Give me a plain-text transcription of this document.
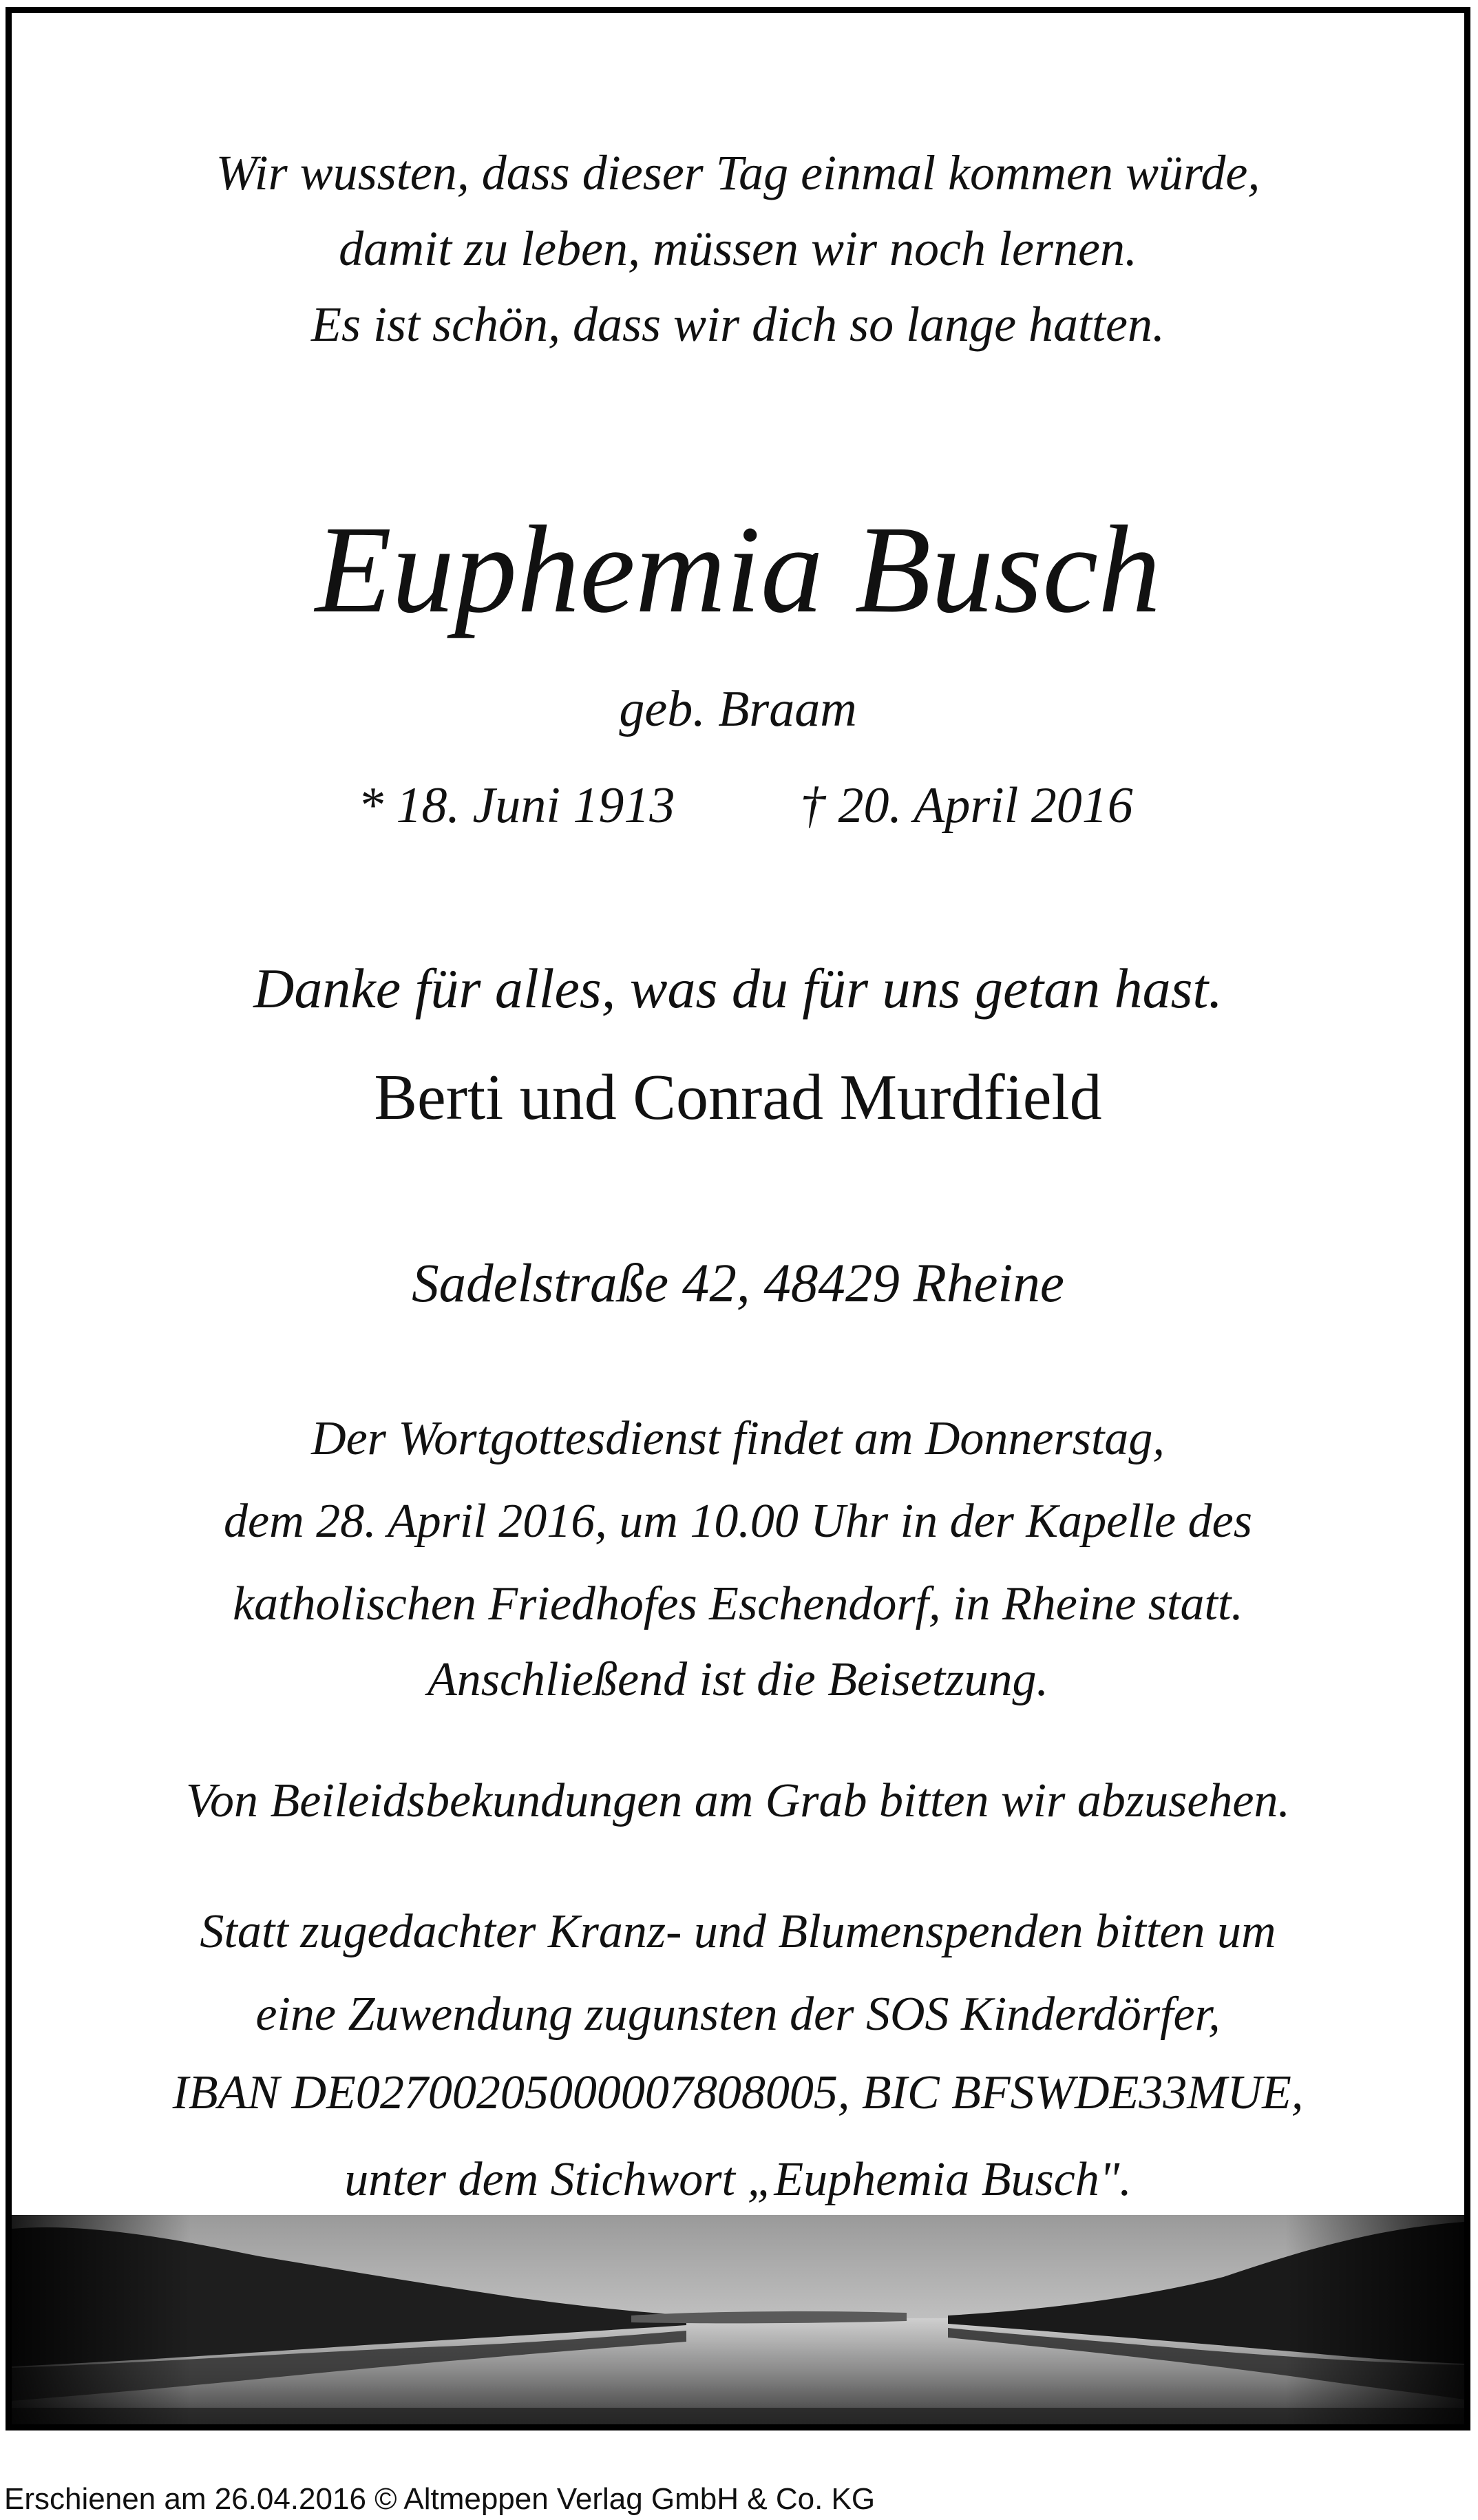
Wir wussten, dass dieser Tag einmal kommen würde,
damit zu leben, müssen wir noch lernen.
Es ist schön, dass wir dich so lange hatten.
Euphemia Busch
geb. Braam
* 18. Juni 1913 † 20. April 2016
Danke für alles, was du für uns getan hast.
Berti und Conrad Murdfield
Sadelstraße 42, 48429 Rheine
Der Wortgottesdienst findet am Donnerstag,
dem 28. April 2016, um 10.00 Uhr in der Kapelle des
katholischen Friedhofes Eschendorf, in Rheine statt.
Anschließend ist die Beisetzung.
Von Beileidsbekundungen am Grab bitten wir abzusehen.
Statt zugedachter Kranz- und Blumenspenden bitten um
eine Zuwendung zugunsten der SOS Kinderdörfer,
IBAN DE02700205000007808005, BIC BFSWDE33MUE,
unter dem Stichwort „Euphemia Busch".
Erschienen am 26.04.2016 © Altmeppen Verlag GmbH & Co. KG
